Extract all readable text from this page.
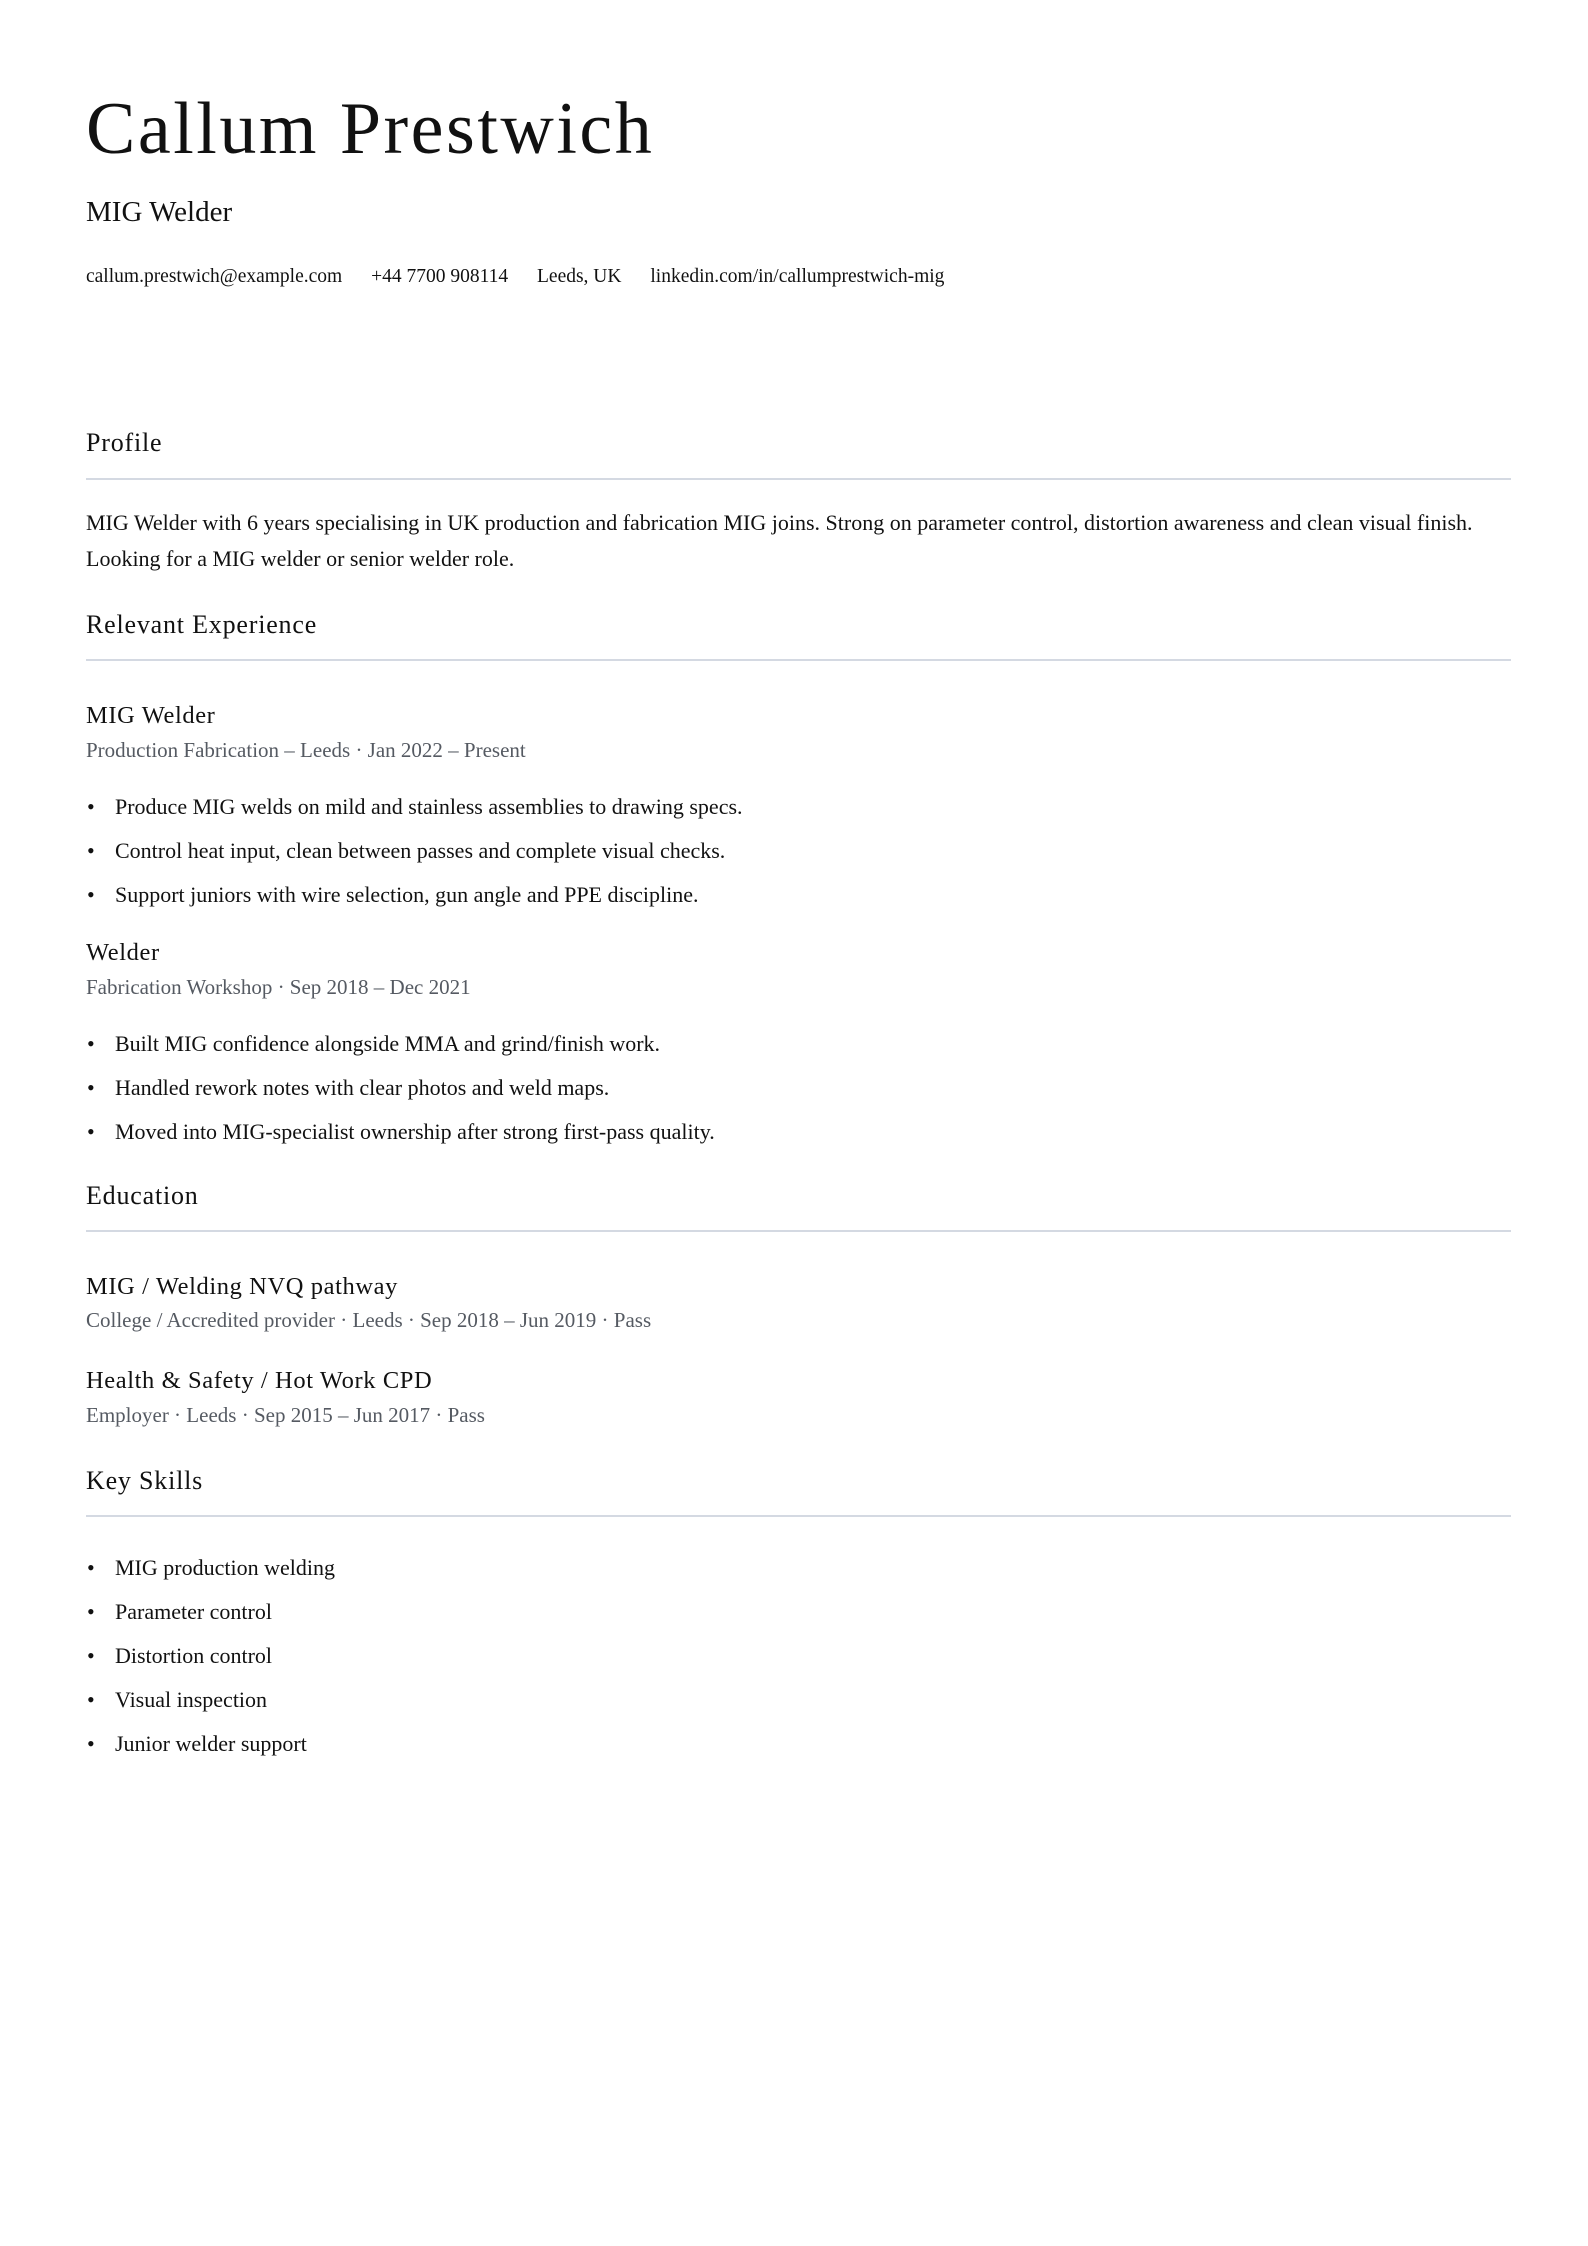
Callum Prestwich
MIG Welder
callum.prestwich@example.com +44 7700 908114 Leeds, UK linkedin.com/in/callumprestwich-mig
Profile

MIG Welder with 6 years specialising in UK production and fabrication MIG joins. Strong on parameter control, distortion awareness and clean visual finish. Looking for a MIG welder or senior welder role.

Relevant Experience
MIG Welder

Production Fabrication – Leeds · Jan 2022 – Present

• Produce MIG welds on mild and stainless assemblies to drawing specs.
• Control heat input, clean between passes and complete visual checks.
• Support juniors with wire selection, gun angle and PPE discipline.
Welder

Fabrication Workshop · Sep 2018 – Dec 2021

• Built MIG confidence alongside MMA and grind/finish work.
• Handled rework notes with clear photos and weld maps.
• Moved into MIG-specialist ownership after strong first-pass quality.
Education
MIG / Welding NVQ pathway

College / Accredited provider · Leeds · Sep 2018 – Jun 2019 · Pass

Health & Safety / Hot Work CPD

Employer · Leeds · Sep 2015 – Jun 2017 · Pass

Key Skills
• MIG production welding
• Parameter control
• Distortion control
• Visual inspection
• Junior welder support
